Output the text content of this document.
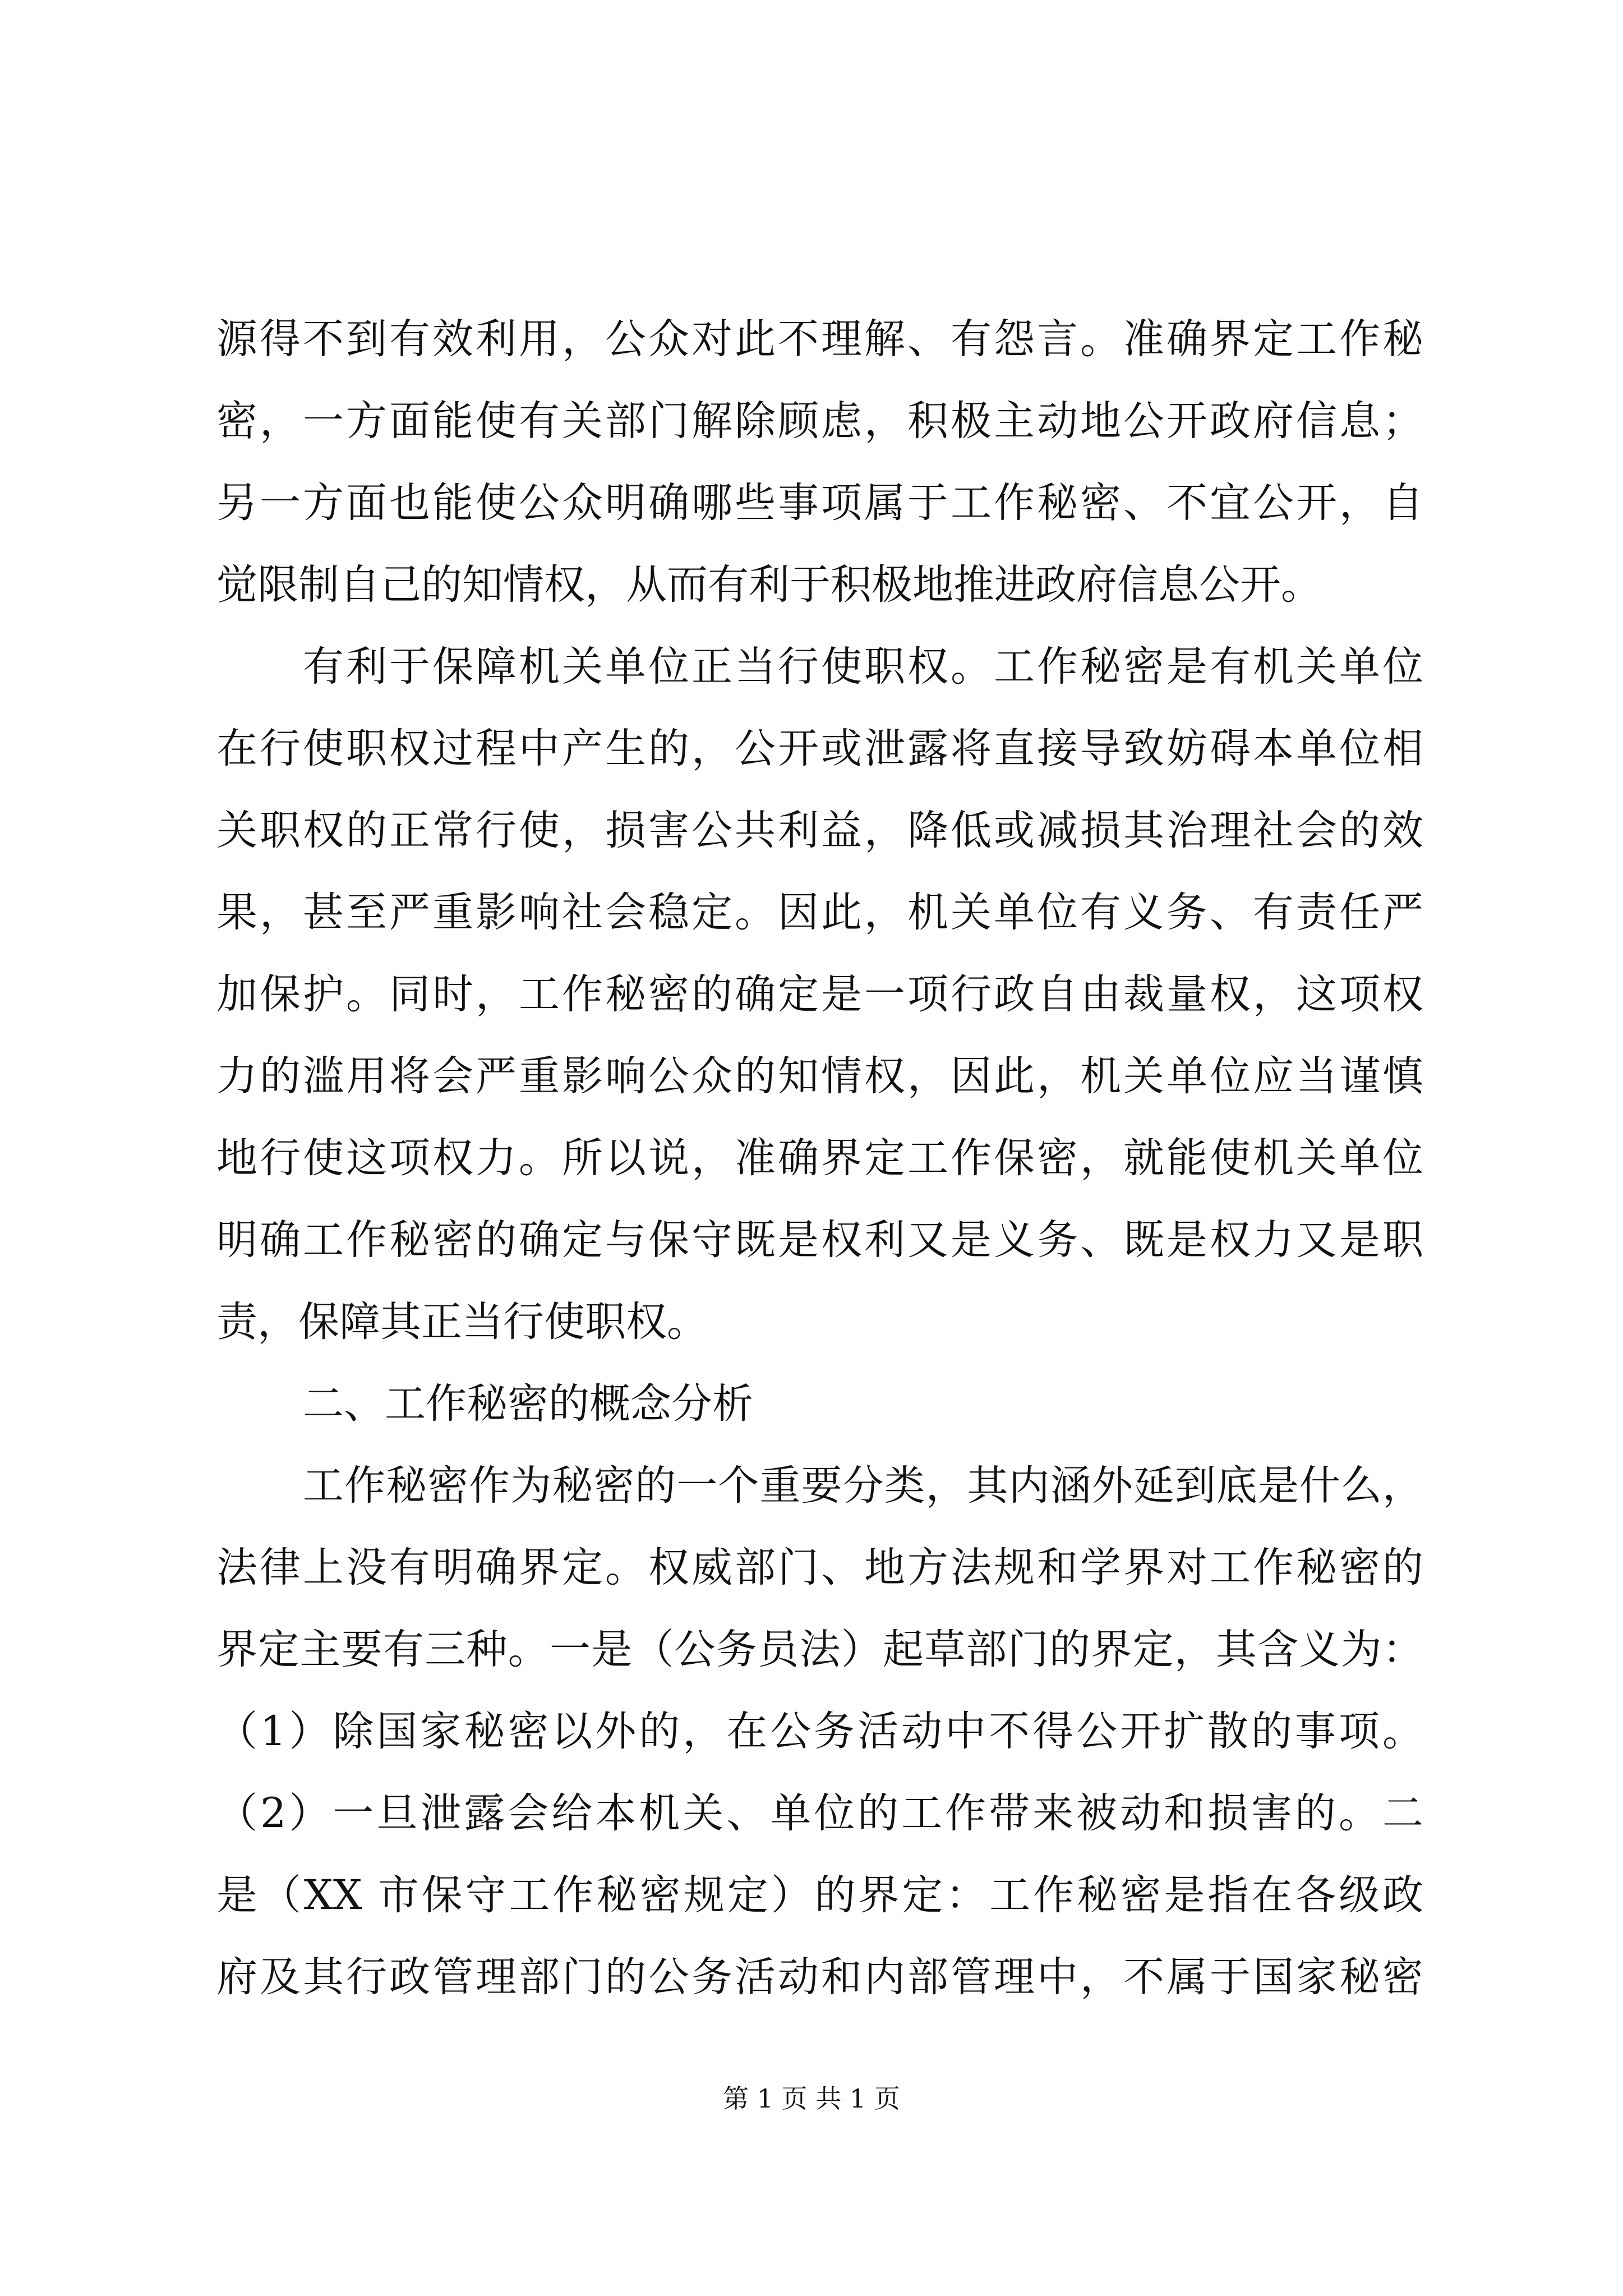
源得不到有效利用，公众对此不理解、有怨言。准确界定工作秘
密，一方面能使有关部门解除顾虑，积极主动地公开政府信息；
另一方面也能使公众明确哪些事项属于工作秘密、不宜公开，自
觉限制自己的知情权，从而有利于积极地推进政府信息公开。
有利于保障机关单位正当行使职权。工作秘密是有机关单位
在行使职权过程中产生的，公开或泄露将直接导致妨碍本单位相
关职权的正常行使，损害公共利益，降低或减损其治理社会的效
果，甚至严重影响社会稳定。因此，机关单位有义务、有责任严
加保护。同时，工作秘密的确定是一项行政自由裁量权，这项权
力的滥用将会严重影响公众的知情权，因此，机关单位应当谨慎
地行使这项权力。所以说，准确界定工作保密，就能使机关单位
明确工作秘密的确定与保守既是权利又是义务、既是权力又是职
责，保障其正当行使职权。
二、工作秘密的概念分析
工作秘密作为秘密的一个重要分类，其内涵外延到底是什么，
法律上没有明确界定。权威部门、地方法规和学界对工作秘密的
界定主要有三种。一是（公务员法）起草部门的界定，其含义为：
（1）除国家秘密以外的，在公务活动中不得公开扩散的事项。
（2）一旦泄露会给本机关、单位的工作带来被动和损害的。二
是（XX 市保守工作秘密规定）的界定：工作秘密是指在各级政
府及其行政管理部门的公务活动和内部管理中，不属于国家秘密
第 1 页 共 1 页
